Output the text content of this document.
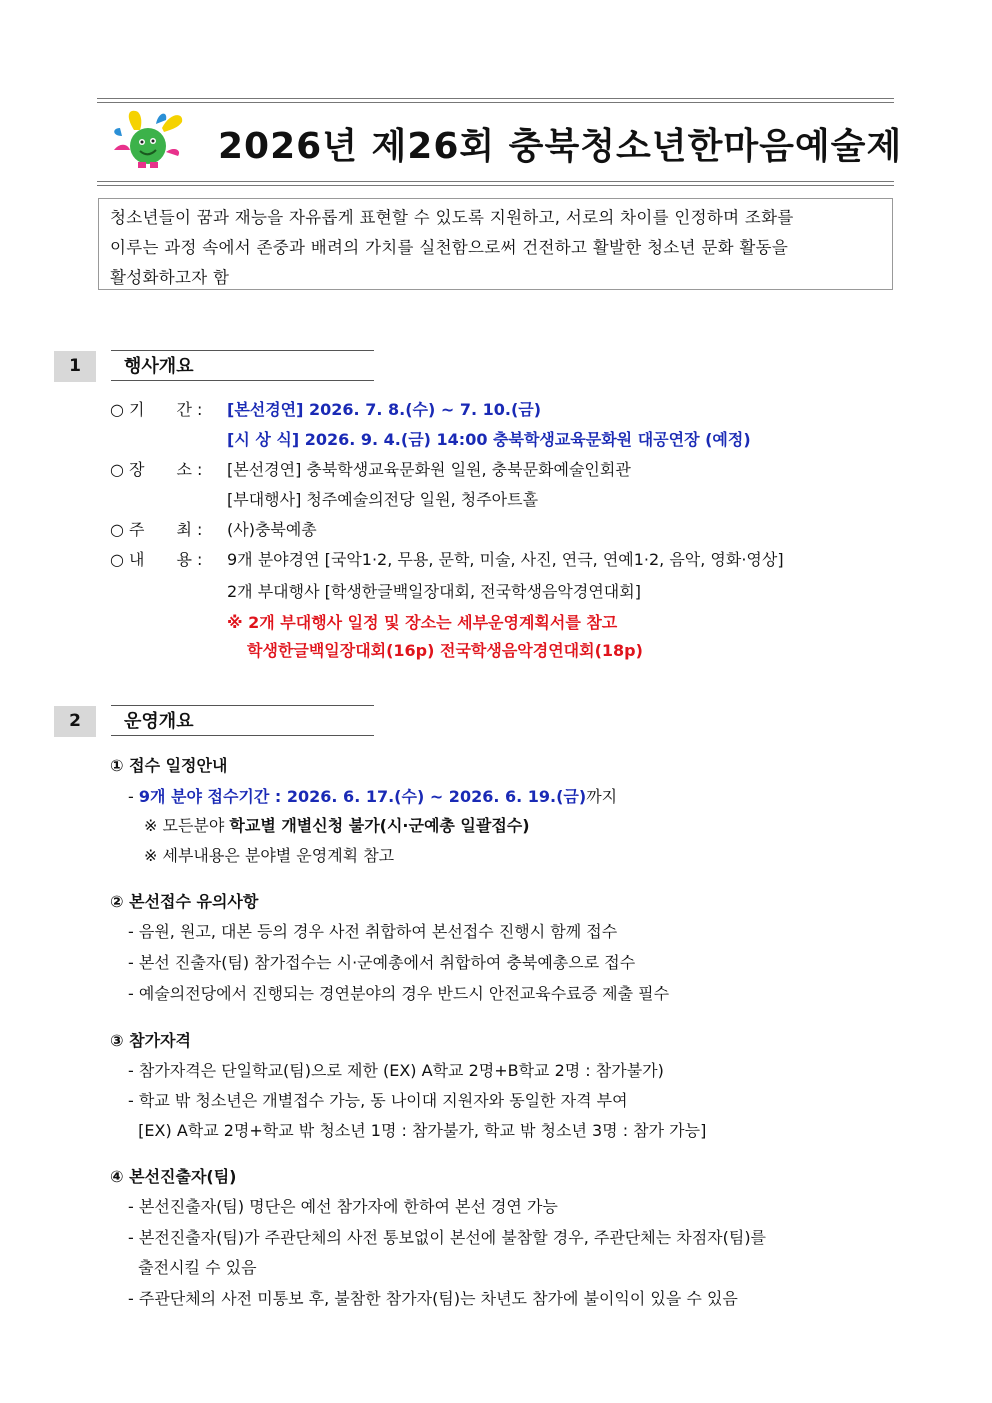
2026년 제26회 충북청소년한마음예술제
청소년들이 꿈과 재능을 자유롭게 표현할 수 있도록 지원하고, 서로의 차이를 인정하며 조화를
이루는 과정 속에서 존중과 배려의 가치를 실천함으로써 건전하고 활발한 청소년 문화 활동을
활성화하고자 함
1	행사개요
○ 기　　간 : [본선경연] 2026. 7. 8.(수) ~ 7. 10.(금)
[시 상 식] 2026. 9. 4.(금) 14:00 충북학생교육문화원 대공연장 (예정)
○ 장　　소 : [본선경연] 충북학생교육문화원 일원, 충북문화예술인회관
[부대행사] 청주예술의전당 일원, 청주아트홀
○ 주　　최 : (사)충북예총
○ 내　　용 : 9개 분야경연 [국악1·2, 무용, 문학, 미술, 사진, 연극, 연예1·2, 음악, 영화·영상]
2개 부대행사 [학생한글백일장대회, 전국학생음악경연대회]
※ 2개 부대행사 일정 및 장소는 세부운영계획서를 참고
학생한글백일장대회(16p) 전국학생음악경연대회(18p)
2	운영개요
① 접수 일정안내
- 9개 분야 접수기간 : 2026. 6. 17.(수) ~ 2026. 6. 19.(금)까지
※ 모든분야 학교별 개별신청 불가(시·군예총 일괄접수)
※ 세부내용은 분야별 운영계획 참고
② 본선접수 유의사항
- 음원, 원고, 대본 등의 경우 사전 취합하여 본선접수 진행시 함께 접수
- 본선 진출자(팀) 참가접수는 시·군예총에서 취합하여 충북예총으로 접수
- 예술의전당에서 진행되는 경연분야의 경우 반드시 안전교육수료증 제출 필수
③ 참가자격
- 참가자격은 단일학교(팀)으로 제한 (EX) A학교 2명+B학교 2명 : 참가불가)
- 학교 밖 청소년은 개별접수 가능, 동 나이대 지원자와 동일한 자격 부여
[EX) A학교 2명+학교 밖 청소년 1명 : 참가불가, 학교 밖 청소년 3명 : 참가 가능]
④ 본선진출자(팀)
- 본선진출자(팀) 명단은 예선 참가자에 한하여 본선 경연 가능
- 본전진출자(팀)가 주관단체의 사전 통보없이 본선에 불참할 경우, 주관단체는 차점자(팀)를
출전시킬 수 있음
- 주관단체의 사전 미통보 후, 불참한 참가자(팀)는 차년도 참가에 불이익이 있을 수 있음
